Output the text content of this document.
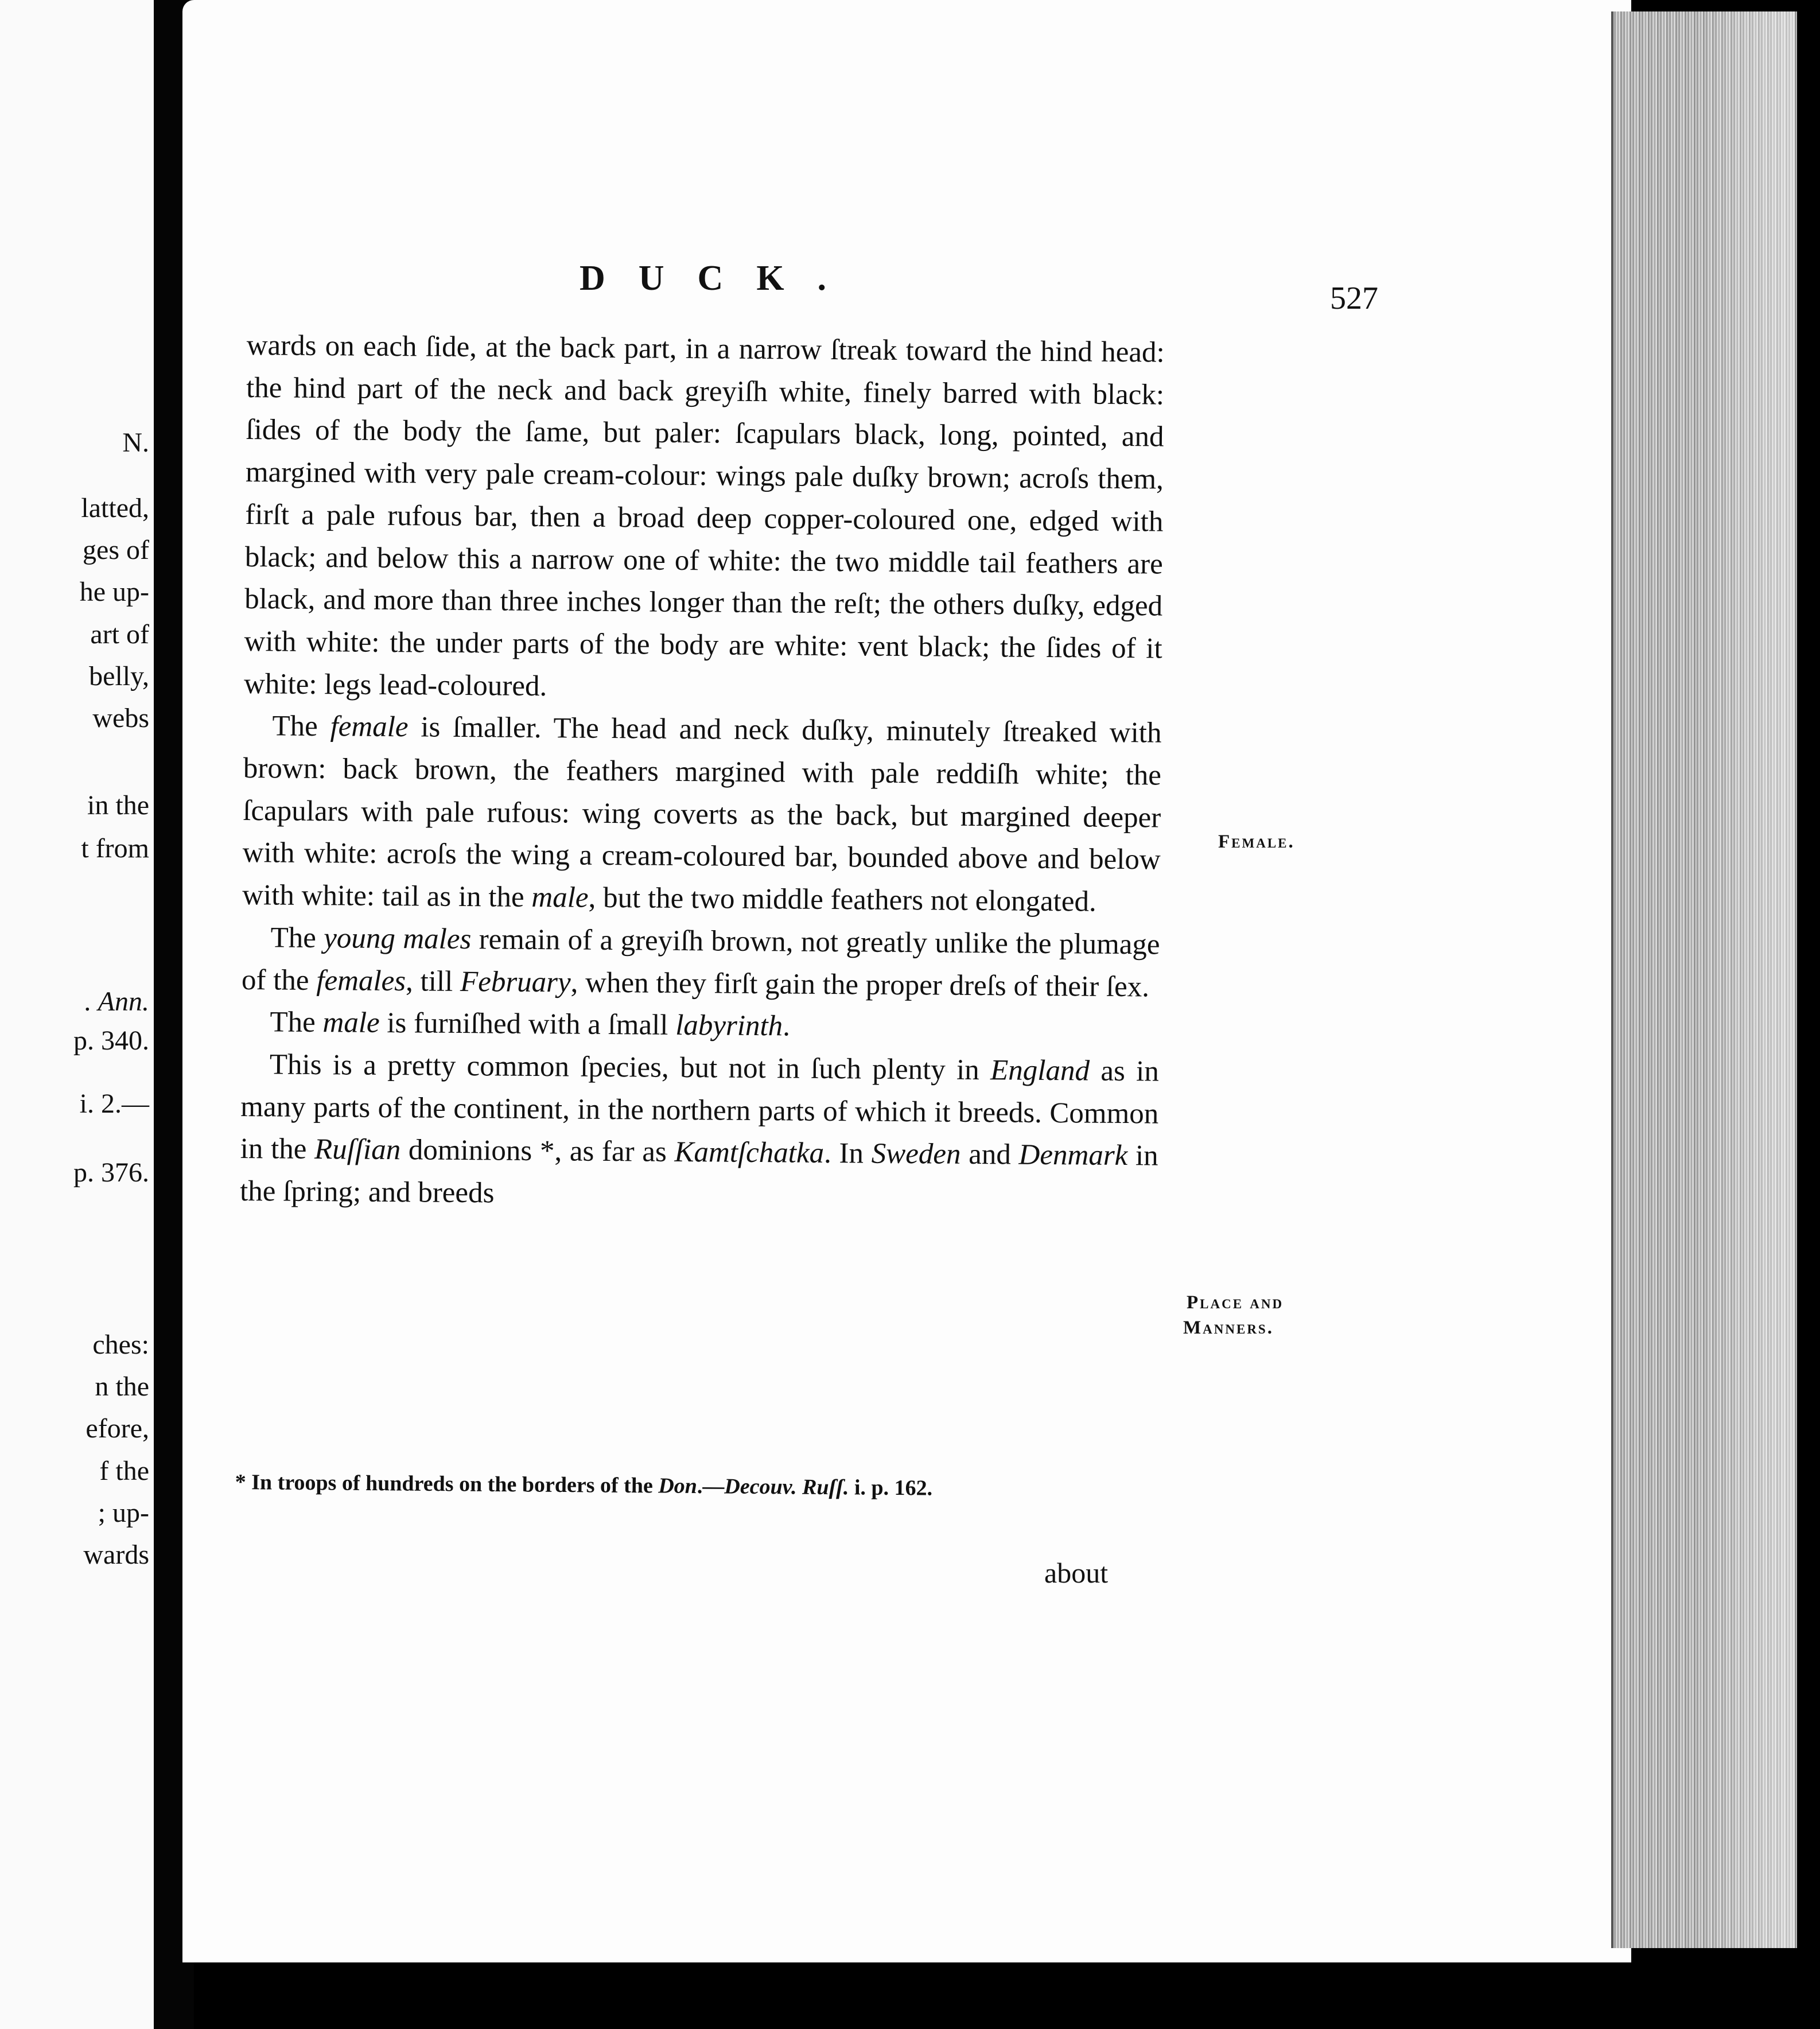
N.
latted,
ges of
he up-
art of
belly,
webs
in the
t from
. Ann.
p. 340.
i. 2.—
p. 376.
ches:
n the
efore,
f the
; up-
wards
DUCK.
527

wards on each ſide, at the back part, in a narrow ſtreak toward the hind head: the hind part of the neck and back greyiſh white, finely barred with black: ſides of the body the ſame, but paler: ſcapulars black, long, pointed, and margined with very pale cream-colour: wings pale duſky brown; acroſs them, firſt a pale rufous bar, then a broad deep copper-coloured one, edged with black; and below this a narrow one of white: the two middle tail feathers are black, and more than three inches longer than the reſt; the others duſky, edged with white: the under parts of the body are white: vent black; the ſides of it white: legs lead-coloured.

The female is ſmaller. The head and neck duſky, minutely ſtreaked with brown: back brown, the feathers margined with pale reddiſh white; the ſcapulars with pale rufous: wing coverts as the back, but margined deeper with white: acroſs the wing a cream-coloured bar, bounded above and below with white: tail as in the male, but the two middle feathers not elongated.

The young males remain of a greyiſh brown, not greatly unlike the plumage of the females, till February, when they firſt gain the proper dreſs of their ſex.

The male is furniſhed with a ſmall labyrinth.

This is a pretty common ſpecies, but not in ſuch plenty in England as in many parts of the continent, in the northern parts of which it breeds. Common in the Ruſſian dominions *, as far as Kamtſchatka. In Sweden and Denmark in the ſpring; and breeds

Female.
Place and
Manners.
* In troops of hundreds on the borders of the Don.—Decouv. Ruſſ. i. p. 162.
about
